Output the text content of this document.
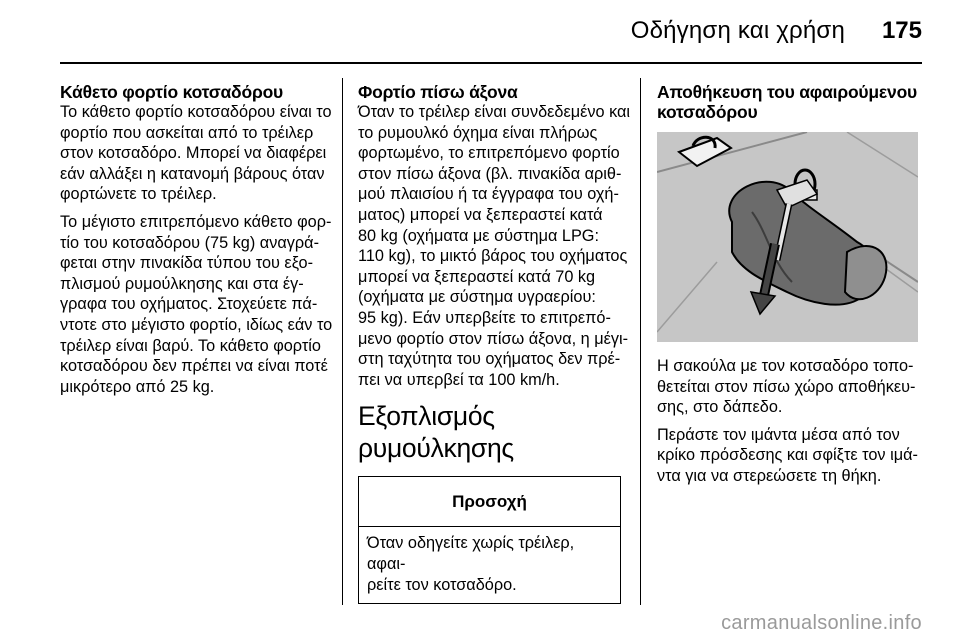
Οδήγηση και χρήση 175
Κάθετο φορτίο κοτσαδόρου

Το κάθετο φορτίο κοτσαδόρου είναι το
φορτίο που ασκείται από το τρέιλερ
στον κοτσαδόρο. Μπορεί να διαφέρει
εάν αλλάξει η κατανομή βάρους όταν
φορτώνετε το τρέιλερ.

Το μέγιστο επιτρεπόμενο κάθετο φορ-
τίο του κοτσαδόρου (75 kg) αναγρά-
φεται στην πινακίδα τύπου του εξο-
πλισμού ρυμούλκησης και στα έγ-
γραφα του οχήματος. Στοχεύετε πά-
ντοτε στο μέγιστο φορτίο, ιδίως εάν το
τρέιλερ είναι βαρύ. Το κάθετο φορτίο
κοτσαδόρου δεν πρέπει να είναι ποτέ
μικρότερο από 25 kg.

Φορτίο πίσω άξονα

Όταν το τρέιλερ είναι συνδεδεμένο και
το ρυμουλκό όχημα είναι πλήρως
φορτωμένο, το επιτρεπόμενο φορτίο
στον πίσω άξονα (βλ. πινακίδα αριθ-
μού πλαισίου ή τα έγγραφα του οχή-
ματος) μπορεί να ξεπεραστεί κατά
80 kg (οχήματα με σύστημα LPG:
110 kg), το μικτό βάρος του οχήματος
μπορεί να ξεπεραστεί κατά 70 kg
(οχήματα με σύστημα υγραερίου:
95 kg). Εάν υπερβείτε το επιτρεπό-
μενο φορτίο στον πίσω άξονα, η μέγι-
στη ταχύτητα του οχήματος δεν πρέ-
πει να υπερβεί τα 100 km/h.

Εξοπλισμός ρυμούλκησης
Προσοχή
Όταν οδηγείτε χωρίς τρέιλερ, αφαι-
ρείτε τον κοτσαδόρο.
Αποθήκευση του αφαιρούμενου
κοτσαδόρου

Η σακούλα με τον κοτσαδόρο τοπο-
θετείται στον πίσω χώρο αποθήκευ-
σης, στο δάπεδο.

Περάστε τον ιμάντα μέσα από τον
κρίκο πρόσδεσης και σφίξτε τον ιμά-
ντα για να στερεώσετε τη θήκη.

carmanualsonline.info
